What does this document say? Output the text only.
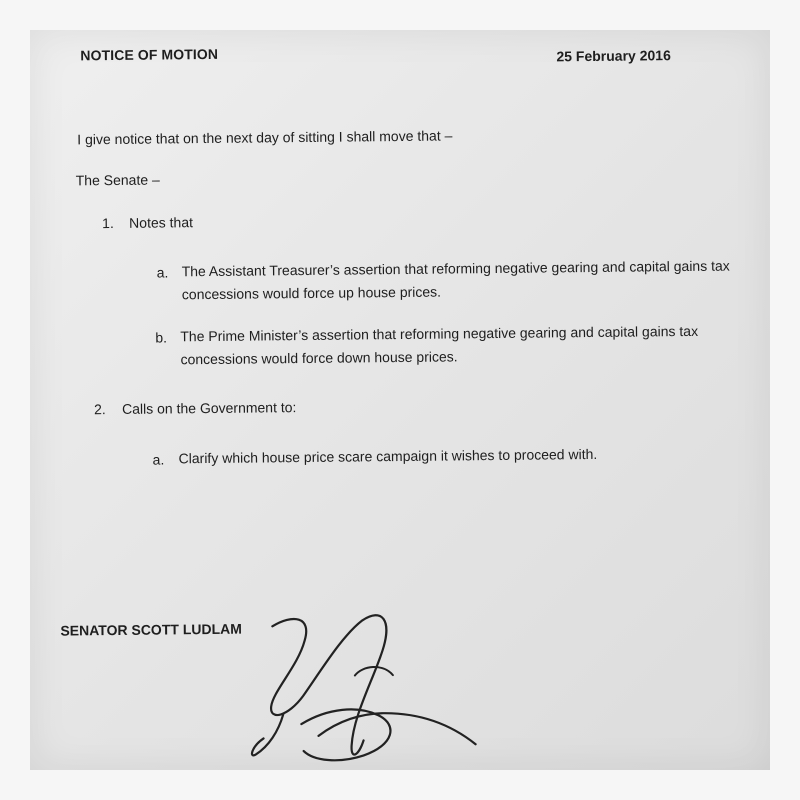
NOTICE OF MOTION	25 February 2016
I give notice that on the next day of sitting I shall move that –
The Senate –
1. Notes that
a. The Assistant Treasurer’s assertion that reforming negative gearing and capital gains tax concessions would force up house prices.
b. The Prime Minister’s assertion that reforming negative gearing and capital gains tax concessions would force down house prices.
2. Calls on the Government to:
a. Clarify which house price scare campaign it wishes to proceed with.
SENATOR SCOTT LUDLAM
